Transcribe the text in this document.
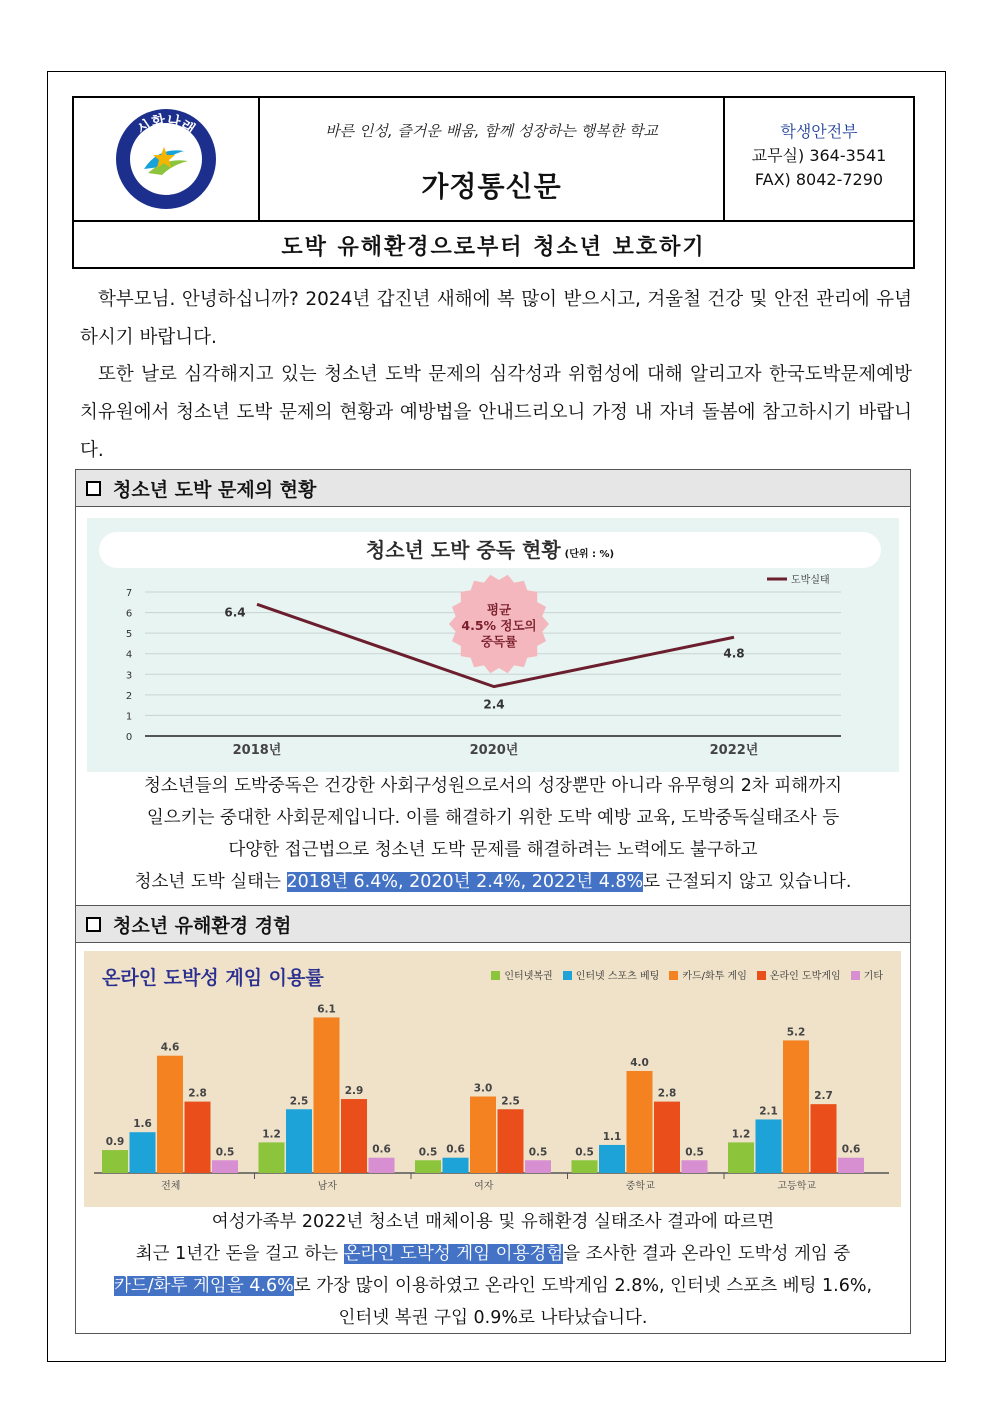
시화나래
중학교
바른 인성, 즐거운 배움, 함께 성장하는 행복한 학교
가정통신문
학생안전부
교무실) 364-3541
FAX) 8042-7290
도박 유해환경으로부터 청소년 보호하기
학부모님. 안녕하십니까? 2024년 갑진년 새해에 복 많이 받으시고, 겨울철 건강 및 안전 관리에 유념하시기 바랍니다.
또한 날로 심각해지고 있는 청소년 도박 문제의 심각성과 위험성에 대해 알리고자 한국도박문제예방치유원에서 청소년 도박 문제의 현황과 예방법을 안내드리오니 가정 내 자녀 돌봄에 참고하시기 바랍니다.
청소년 도박 문제의 현황
청소년 도박 중독 현황 (단위 : %)
0
1
2
3
4
5
6
7
2018년	2020년	2022년
6.4
2.4
4.8
도박실태
평균
4.5% 정도의
중독률
청소년들의 도박중독은 건강한 사회구성원으로서의 성장뿐만 아니라 유무형의 2차 피해까지
일으키는 중대한 사회문제입니다. 이를 해결하기 위한 도박 예방 교육, 도박중독실태조사 등
다양한 접근법으로 청소년 도박 문제를 해결하려는 노력에도 불구하고
청소년 도박 실태는 2018년 6.4%, 2020년 2.4%, 2022년 4.8%로 근절되지 않고 있습니다.
청소년 유해환경 경험
온라인 도박성 게임 이용률	인터넷복권	인터넷 스포츠 베팅	카드/화투 게임	온라인 도박게임	기타
0.9
1.6
4.6
2.8
0.5
전체
1.2
2.5
6.1
2.9
0.6
남자
0.5 0.6
3.0
2.5
0.5
여자
0.5
1.1
4.0
2.8
0.5
중학교
1.2
2.1
5.2
2.7
0.6
고등학교
여성가족부 2022년 청소년 매체이용 및 유해환경 실태조사 결과에 따르면
최근 1년간 돈을 걸고 하는 온라인 도박성 게임 이용경험을 조사한 결과 온라인 도박성 게임 중
카드/화투 게임을 4.6%로 가장 많이 이용하였고 온라인 도박게임 2.8%, 인터넷 스포츠 베팅 1.6%,
인터넷 복권 구입 0.9%로 나타났습니다.
